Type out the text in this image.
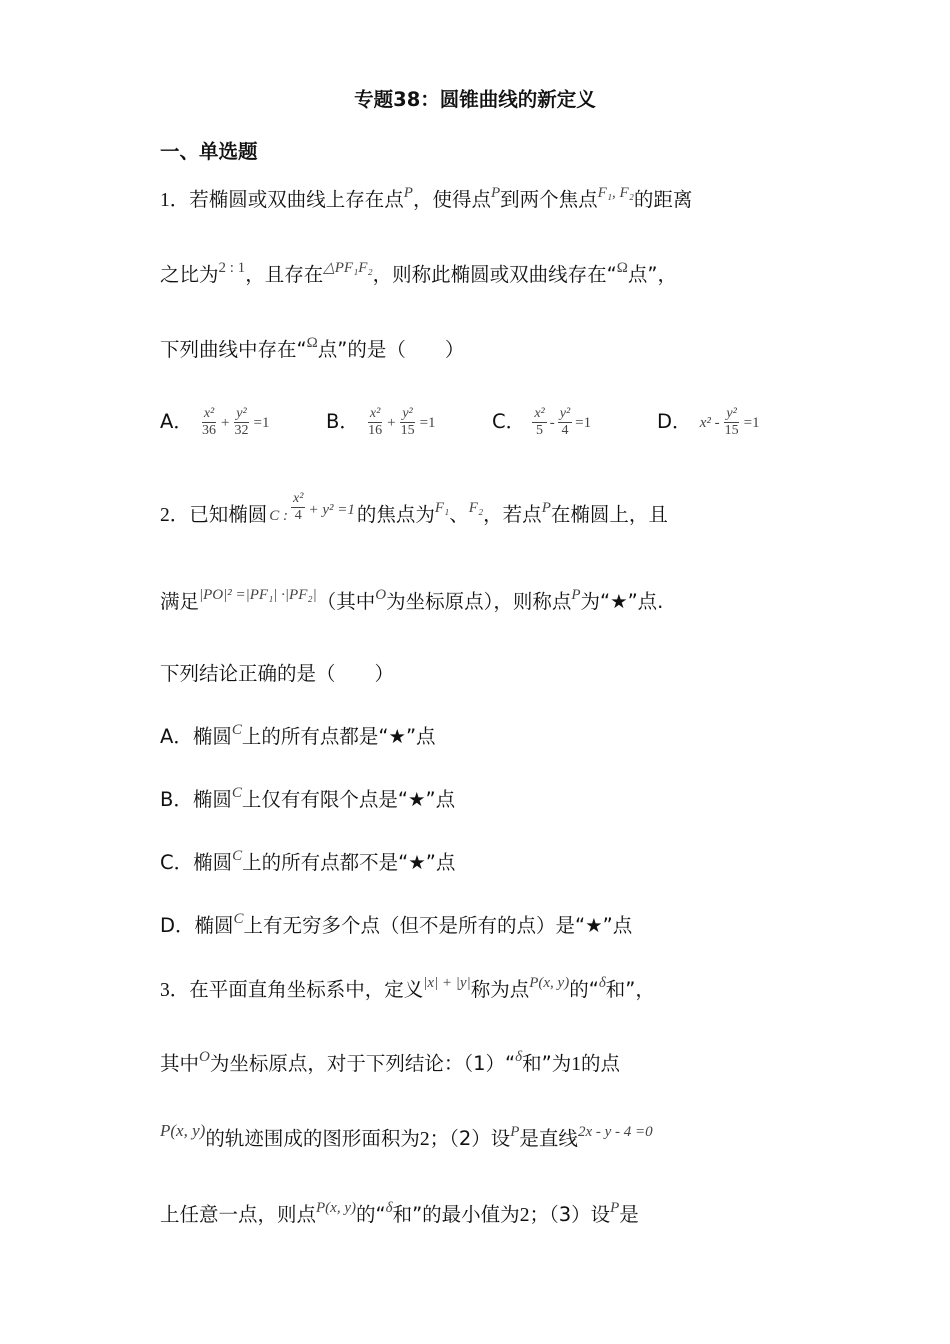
专题38：圆锥曲线的新定义
一、单选题
1．若椭圆或双曲线上存在点$^P$，使得点$^P$到两个焦点$^{F_1, F_2}$的距离
之比为$^{2 : 1}$，且存在$^{\triangle PF_1F_2}$，则称此椭圆或双曲线存在“$^\Omega$点”，
下列曲线中存在“$^\Omega$点”的是（　　）
A． $\frac{\text{x²}}{36} + \frac{\text{y²}}{32} =1$	B． $\frac{\text{x²}}{16} + \frac{\text{y²}}{15} =1$	C． $\frac{\text{x²}}{5} - \frac{\text{y²}}{4} =1$	D． $x^2 - \frac{\text{y²}}{15} =1$
2．已知椭圆 C : $\frac{\text{x²}}{4} ^{+ y^2 =1}$ 的焦点为$^{F_1}$、$^{F_2}$，若点$^P$在椭圆上，且
满足$^{|PO|^2 =|PF_1| \cdot|PF_2|}$（其中$^O$为坐标原点），则称点$^P$为“★”点.
下列结论正确的是（　　）
A．椭圆$^C$上的所有点都是“★”点
B．椭圆$^C$上仅有有限个点是“★”点
C．椭圆$^C$上的所有点都不是“★”点
D．椭圆$^C$上有无穷多个点（但不是所有的点）是“★”点
3．在平面直角坐标系中，定义$^{|x| + |y|}$称为点$^{P(x, y)}$的“$^\delta$和”，
其中$^O$为坐标原点，对于下列结论：（1）“$^\delta$和”为1的点
P(x, y)的轨迹围成的图形面积为2；（2）设$^P$是直线$^{2x - y - 4 =0}$
上任意一点，则点$^{P(x, y)}$的“$^\delta$和”的最小值为2；（3）设$^P$是
